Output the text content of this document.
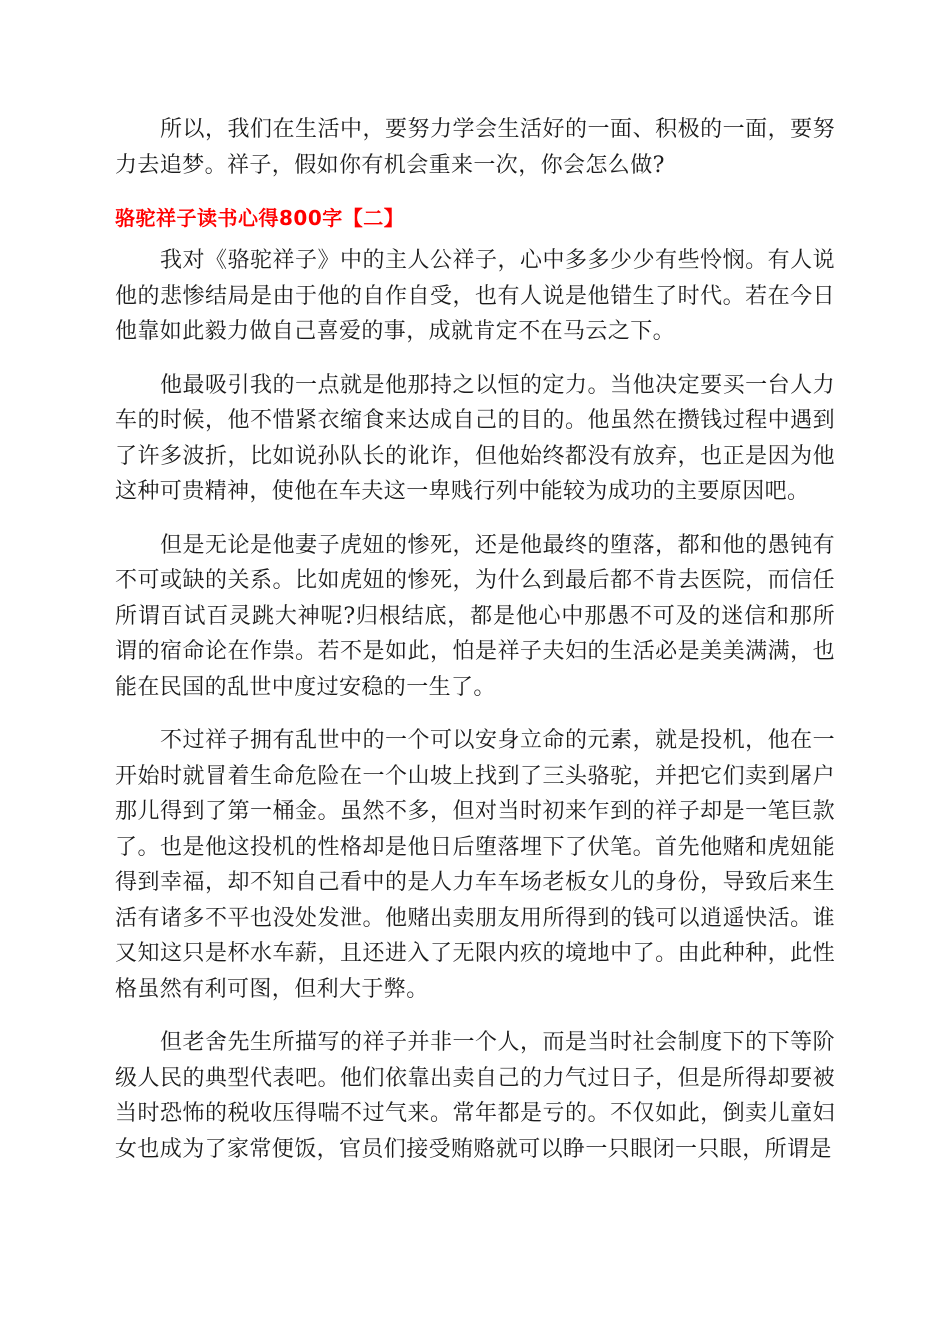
所以，我们在生活中，要努力学会生活好的一面、积极的一面，要努力去追梦。祥子，假如你有机会重来一次，你会怎么做?

骆驼祥子读书心得800字【二】

我对《骆驼祥子》中的主人公祥子，心中多多少少有些怜悯。有人说他的悲惨结局是由于他的自作自受，也有人说是他错生了时代。若在今日他靠如此毅力做自己喜爱的事，成就肯定不在马云之下。

他最吸引我的一点就是他那持之以恒的定力。当他决定要买一台人力车的时候，他不惜紧衣缩食来达成自己的目的。他虽然在攒钱过程中遇到了许多波折，比如说孙队长的讹诈，但他始终都没有放弃，也正是因为他这种可贵精神，使他在车夫这一卑贱行列中能较为成功的主要原因吧。

但是无论是他妻子虎妞的惨死，还是他最终的堕落，都和他的愚钝有不可或缺的关系。比如虎妞的惨死，为什么到最后都不肯去医院，而信任所谓百试百灵跳大神呢?归根结底，都是他心中那愚不可及的迷信和那所谓的宿命论在作祟。若不是如此，怕是祥子夫妇的生活必是美美满满，也能在民国的乱世中度过安稳的一生了。

不过祥子拥有乱世中的一个可以安身立命的元素，就是投机，他在一开始时就冒着生命危险在一个山坡上找到了三头骆驼，并把它们卖到屠户那儿得到了第一桶金。虽然不多，但对当时初来乍到的祥子却是一笔巨款了。也是他这投机的性格却是他日后堕落埋下了伏笔。首先他赌和虎妞能得到幸福，却不知自己看中的是人力车车场老板女儿的身份，导致后来生活有诸多不平也没处发泄。他赌出卖朋友用所得到的钱可以逍遥快活。谁又知这只是杯水车薪，且还进入了无限内疚的境地中了。由此种种，此性格虽然有利可图，但利大于弊。

但老舍先生所描写的祥子并非一个人，而是当时社会制度下的下等阶级人民的典型代表吧。他们依靠出卖自己的力气过日子，但是所得却要被当时恐怖的税收压得喘不过气来。常年都是亏的。不仅如此，倒卖儿童妇女也成为了家常便饭，官员们接受贿赂就可以睁一只眼闭一只眼，所谓是
